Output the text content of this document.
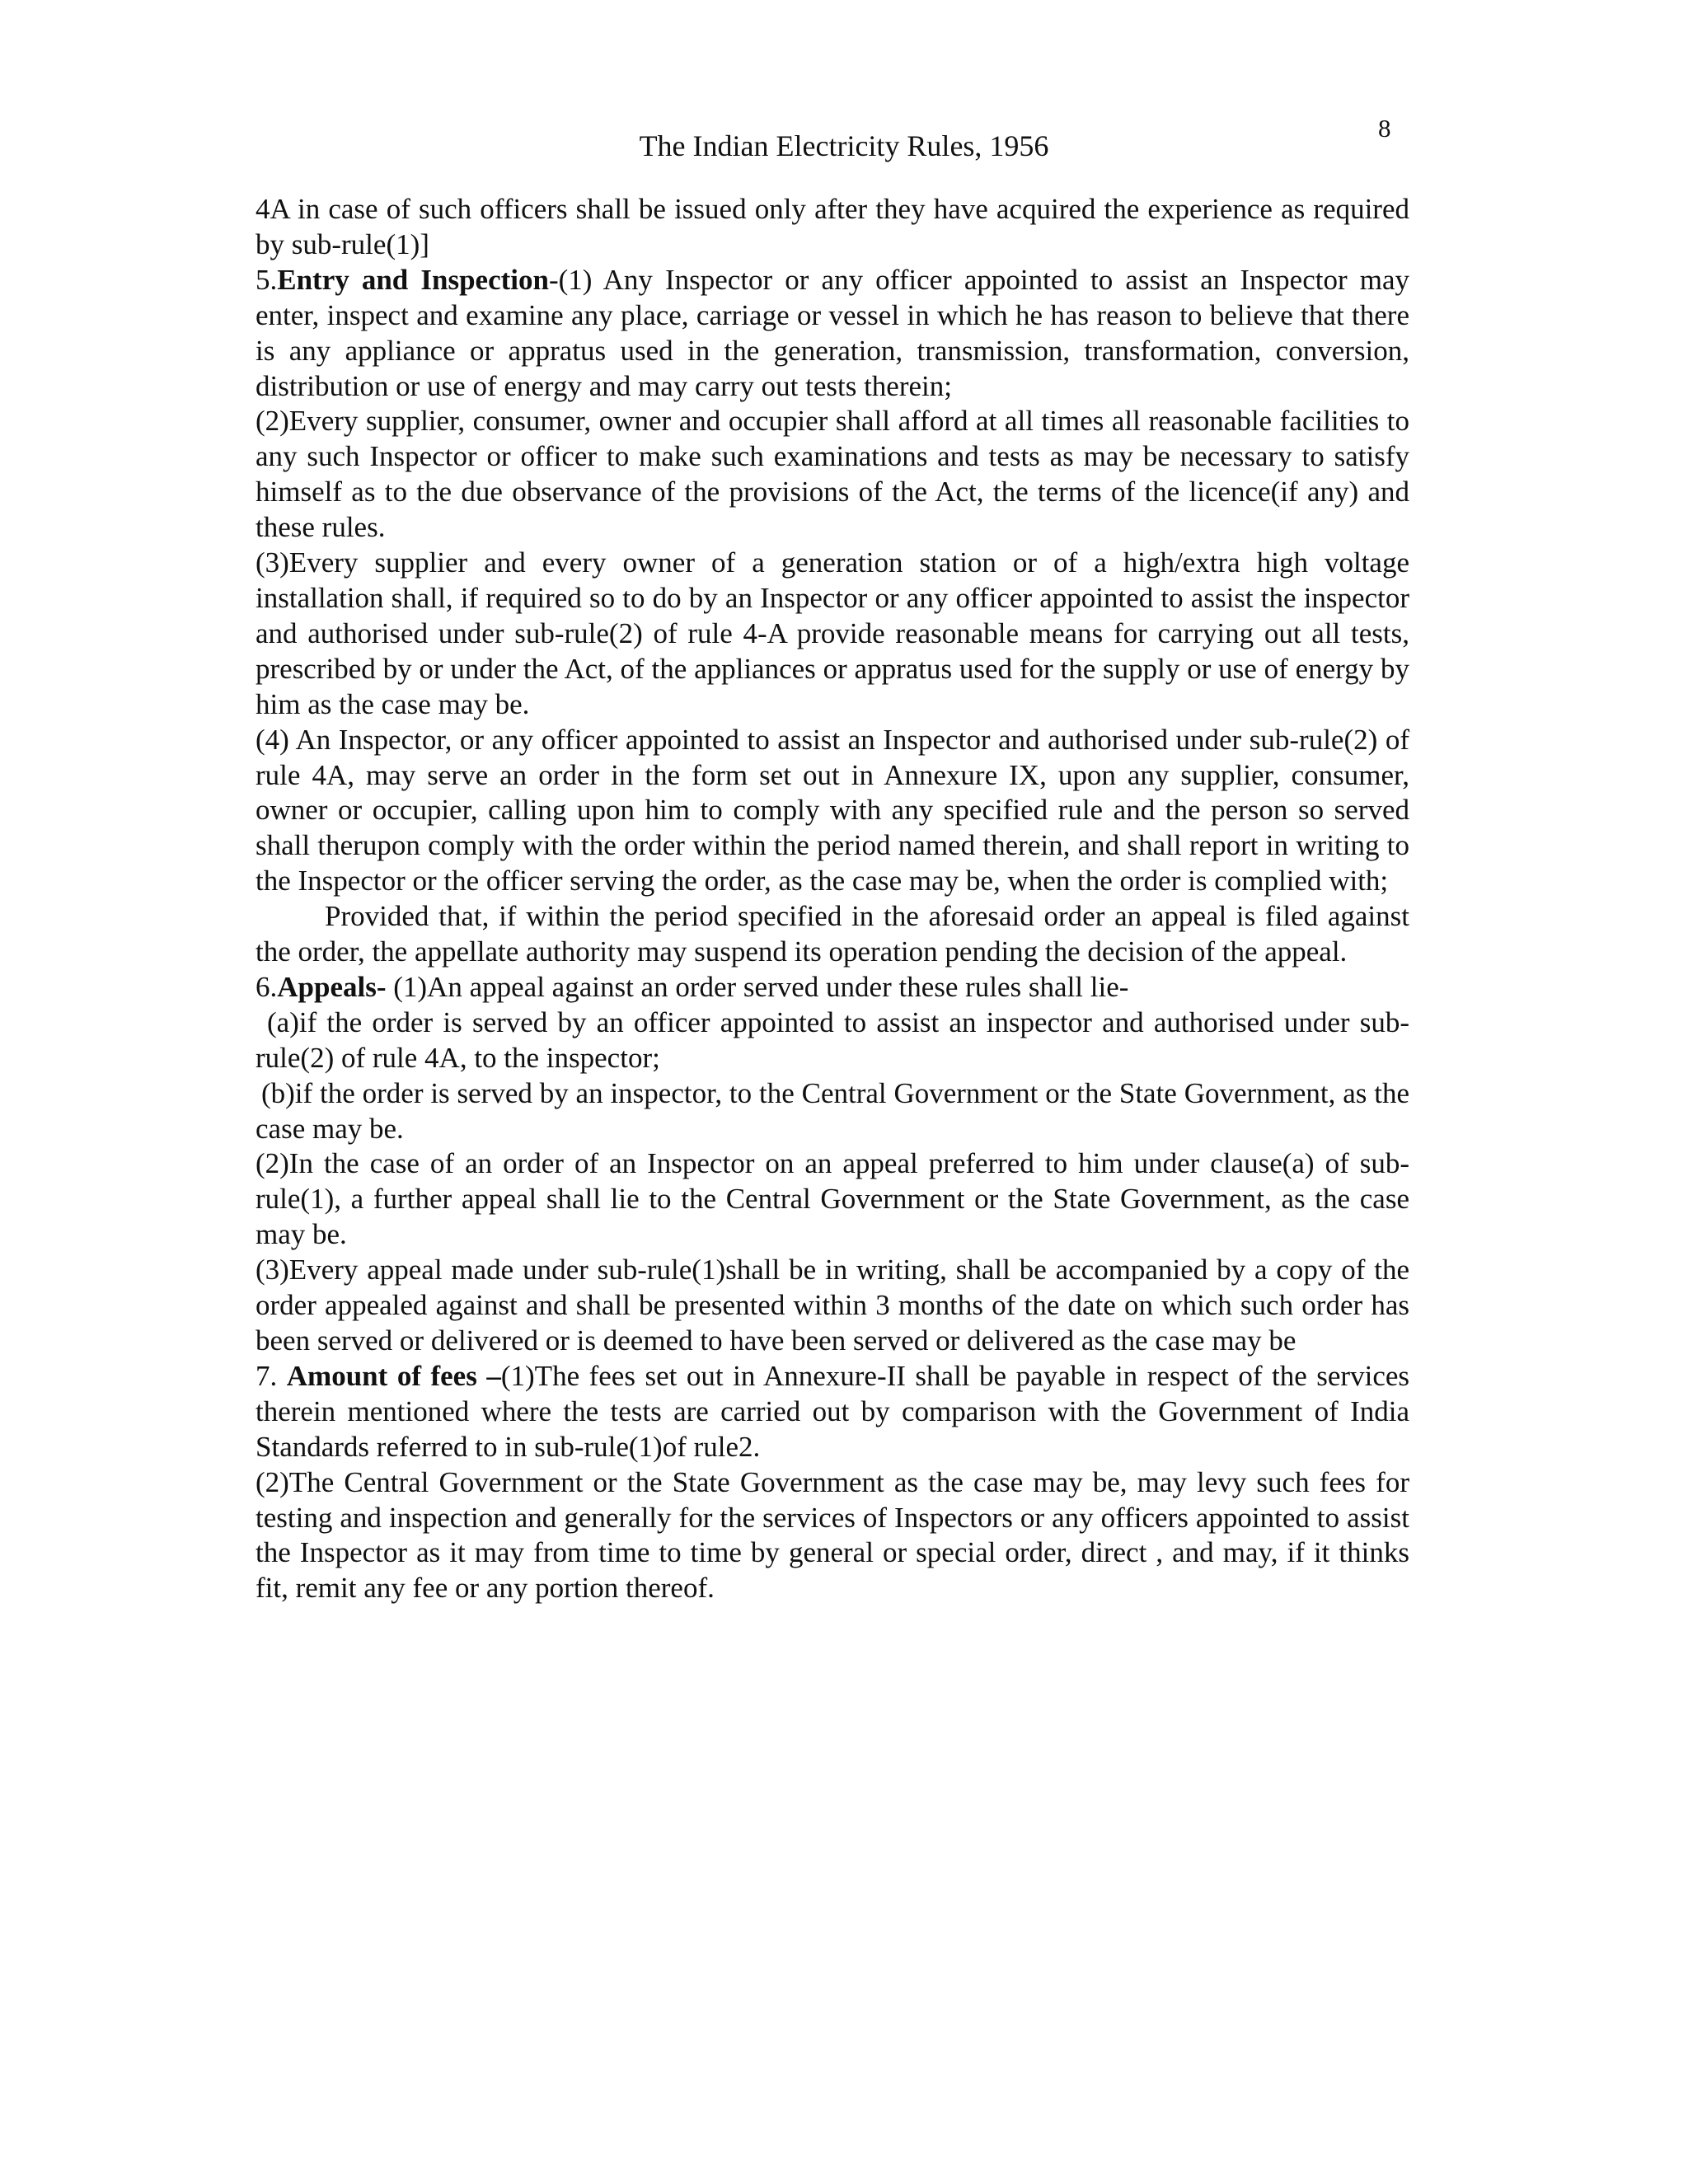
8
The Indian Electricity Rules, 1956

4A in case of such officers shall be issued only after they have acquired the experience as required by sub-rule(1)]

5.Entry and Inspection-(1) Any Inspector or any officer appointed to assist an Inspector may enter, inspect and examine any place, carriage or vessel in which he has reason to believe that there is any appliance or appratus used in the generation, transmission, transformation, conversion, distribution or use of energy and may carry out tests therein;

(2)Every supplier, consumer, owner and occupier shall afford at all times all reasonable facilities to any such Inspector or officer to make such examinations and tests as may be necessary to satisfy himself as to the due observance of the provisions of the Act, the terms of the licence(if any) and these rules.

(3)Every supplier and every owner of a generation station or of a high/extra high voltage installation shall, if required so to do by an Inspector or any officer appointed to assist the inspector and authorised under sub-rule(2) of rule 4-A provide reasonable means for carrying out all tests, prescribed by or under the Act, of the appliances or appratus used for the supply or use of energy by him as the case may be.

(4) An Inspector, or any officer appointed to assist an Inspector and authorised under sub-rule(2) of rule 4A, may serve an order in the form set out in Annexure IX, upon any supplier, consumer, owner or occupier, calling upon him to comply with any specified rule and the person so served shall therupon comply with the order within the period named therein, and shall report in writing to the Inspector or the officer serving the order, as the case may be, when the order is complied with;

Provided that, if within the period specified in the aforesaid order an appeal is filed against the order, the appellate authority may suspend its operation pending the decision of the appeal.

6.Appeals- (1)An appeal against an order served under these rules shall lie-

(a)if the order is served by an officer appointed to assist an inspector and authorised under sub-rule(2) of rule 4A, to the inspector;

(b)if the order is served by an inspector, to the Central Government or the State Government, as the case may be.

(2)In the case of an order of an Inspector on an appeal preferred to him under clause(a) of sub-rule(1), a further appeal shall lie to the Central Government or the State Government, as the case may be.

(3)Every appeal made under sub-rule(1)shall be in writing, shall be accompanied by a copy of the order appealed against and shall be presented within 3 months of the date on which such order has been served or delivered or is deemed to have been served or delivered as the case may be

7. Amount of fees –(1)The fees set out in Annexure-II shall be payable in respect of the services therein mentioned where the tests are carried out by comparison with the Government of India Standards referred to in sub-rule(1)of rule2.

(2)The Central Government or the State Government as the case may be, may levy such fees for testing and inspection and generally for the services of Inspectors or any officers appointed to assist the Inspector as it may from time to time by general or special order, direct , and may, if it thinks fit, remit any fee or any portion thereof.
